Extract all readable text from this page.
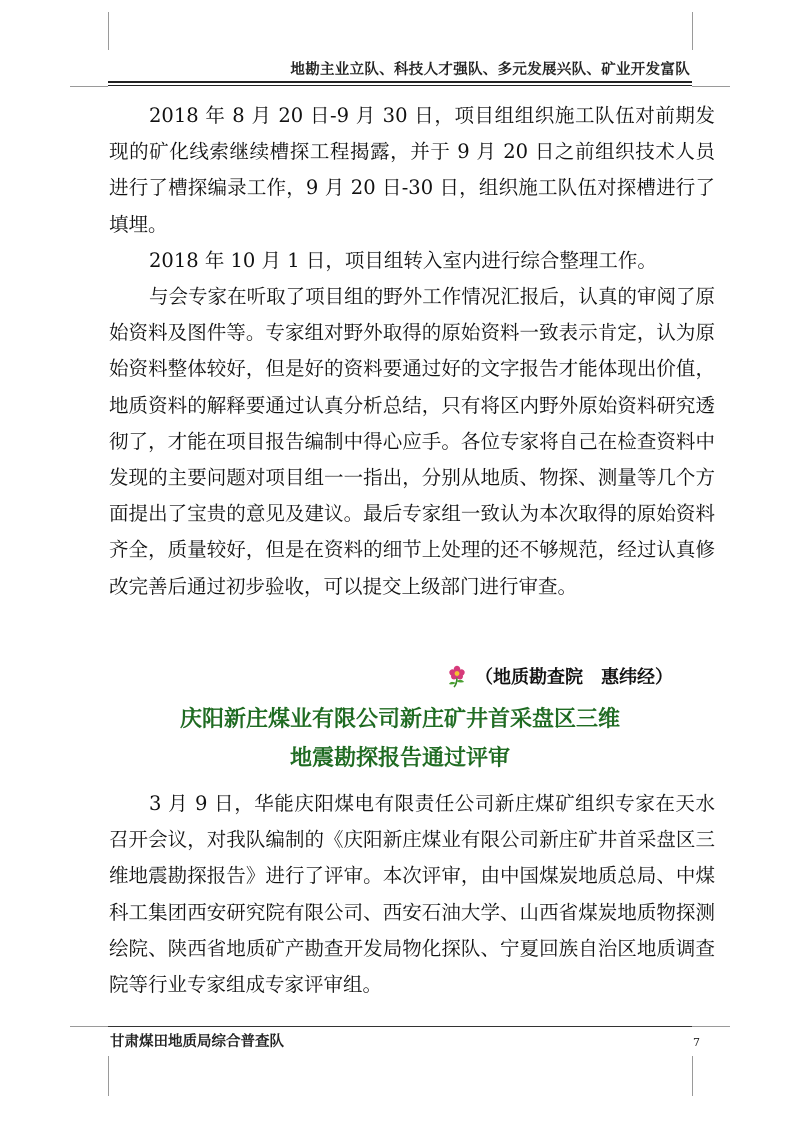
地勘主业立队、科技人才强队、多元发展兴队、矿业开发富队

2018 年 8 月 20 日-9 月 30 日，项目组组织施工队伍对前期发现的矿化线索继续槽探工程揭露，并于 9 月 20 日之前组织技术人员进行了槽探编录工作，9 月 20 日-30 日，组织施工队伍对探槽进行了填埋。

2018 年 10 月 1 日，项目组转入室内进行综合整理工作。

与会专家在听取了项目组的野外工作情况汇报后，认真的审阅了原始资料及图件等。专家组对野外取得的原始资料一致表示肯定，认为原始资料整体较好，但是好的资料要通过好的文字报告才能体现出价值，地质资料的解释要通过认真分析总结，只有将区内野外原始资料研究透彻了，才能在项目报告编制中得心应手。各位专家将自己在检查资料中发现的主要问题对项目组一一指出，分别从地质、物探、测量等几个方面提出了宝贵的意见及建议。最后专家组一致认为本次取得的原始资料齐全，质量较好，但是在资料的细节上处理的还不够规范，经过认真修改完善后通过初步验收，可以提交上级部门进行审查。

（地质勘查院　惠纬经）
庆阳新庄煤业有限公司新庄矿井首采盘区三维
地震勘探报告通过评审

3 月 9 日，华能庆阳煤电有限责任公司新庄煤矿组织专家在天水召开会议，对我队编制的《庆阳新庄煤业有限公司新庄矿井首采盘区三维地震勘探报告》进行了评审。本次评审，由中国煤炭地质总局、中煤科工集团西安研究院有限公司、西安石油大学、山西省煤炭地质物探测绘院、陕西省地质矿产勘查开发局物化探队、宁夏回族自治区地质调查院等行业专家组成专家评审组。

甘肃煤田地质局综合普查队	7
